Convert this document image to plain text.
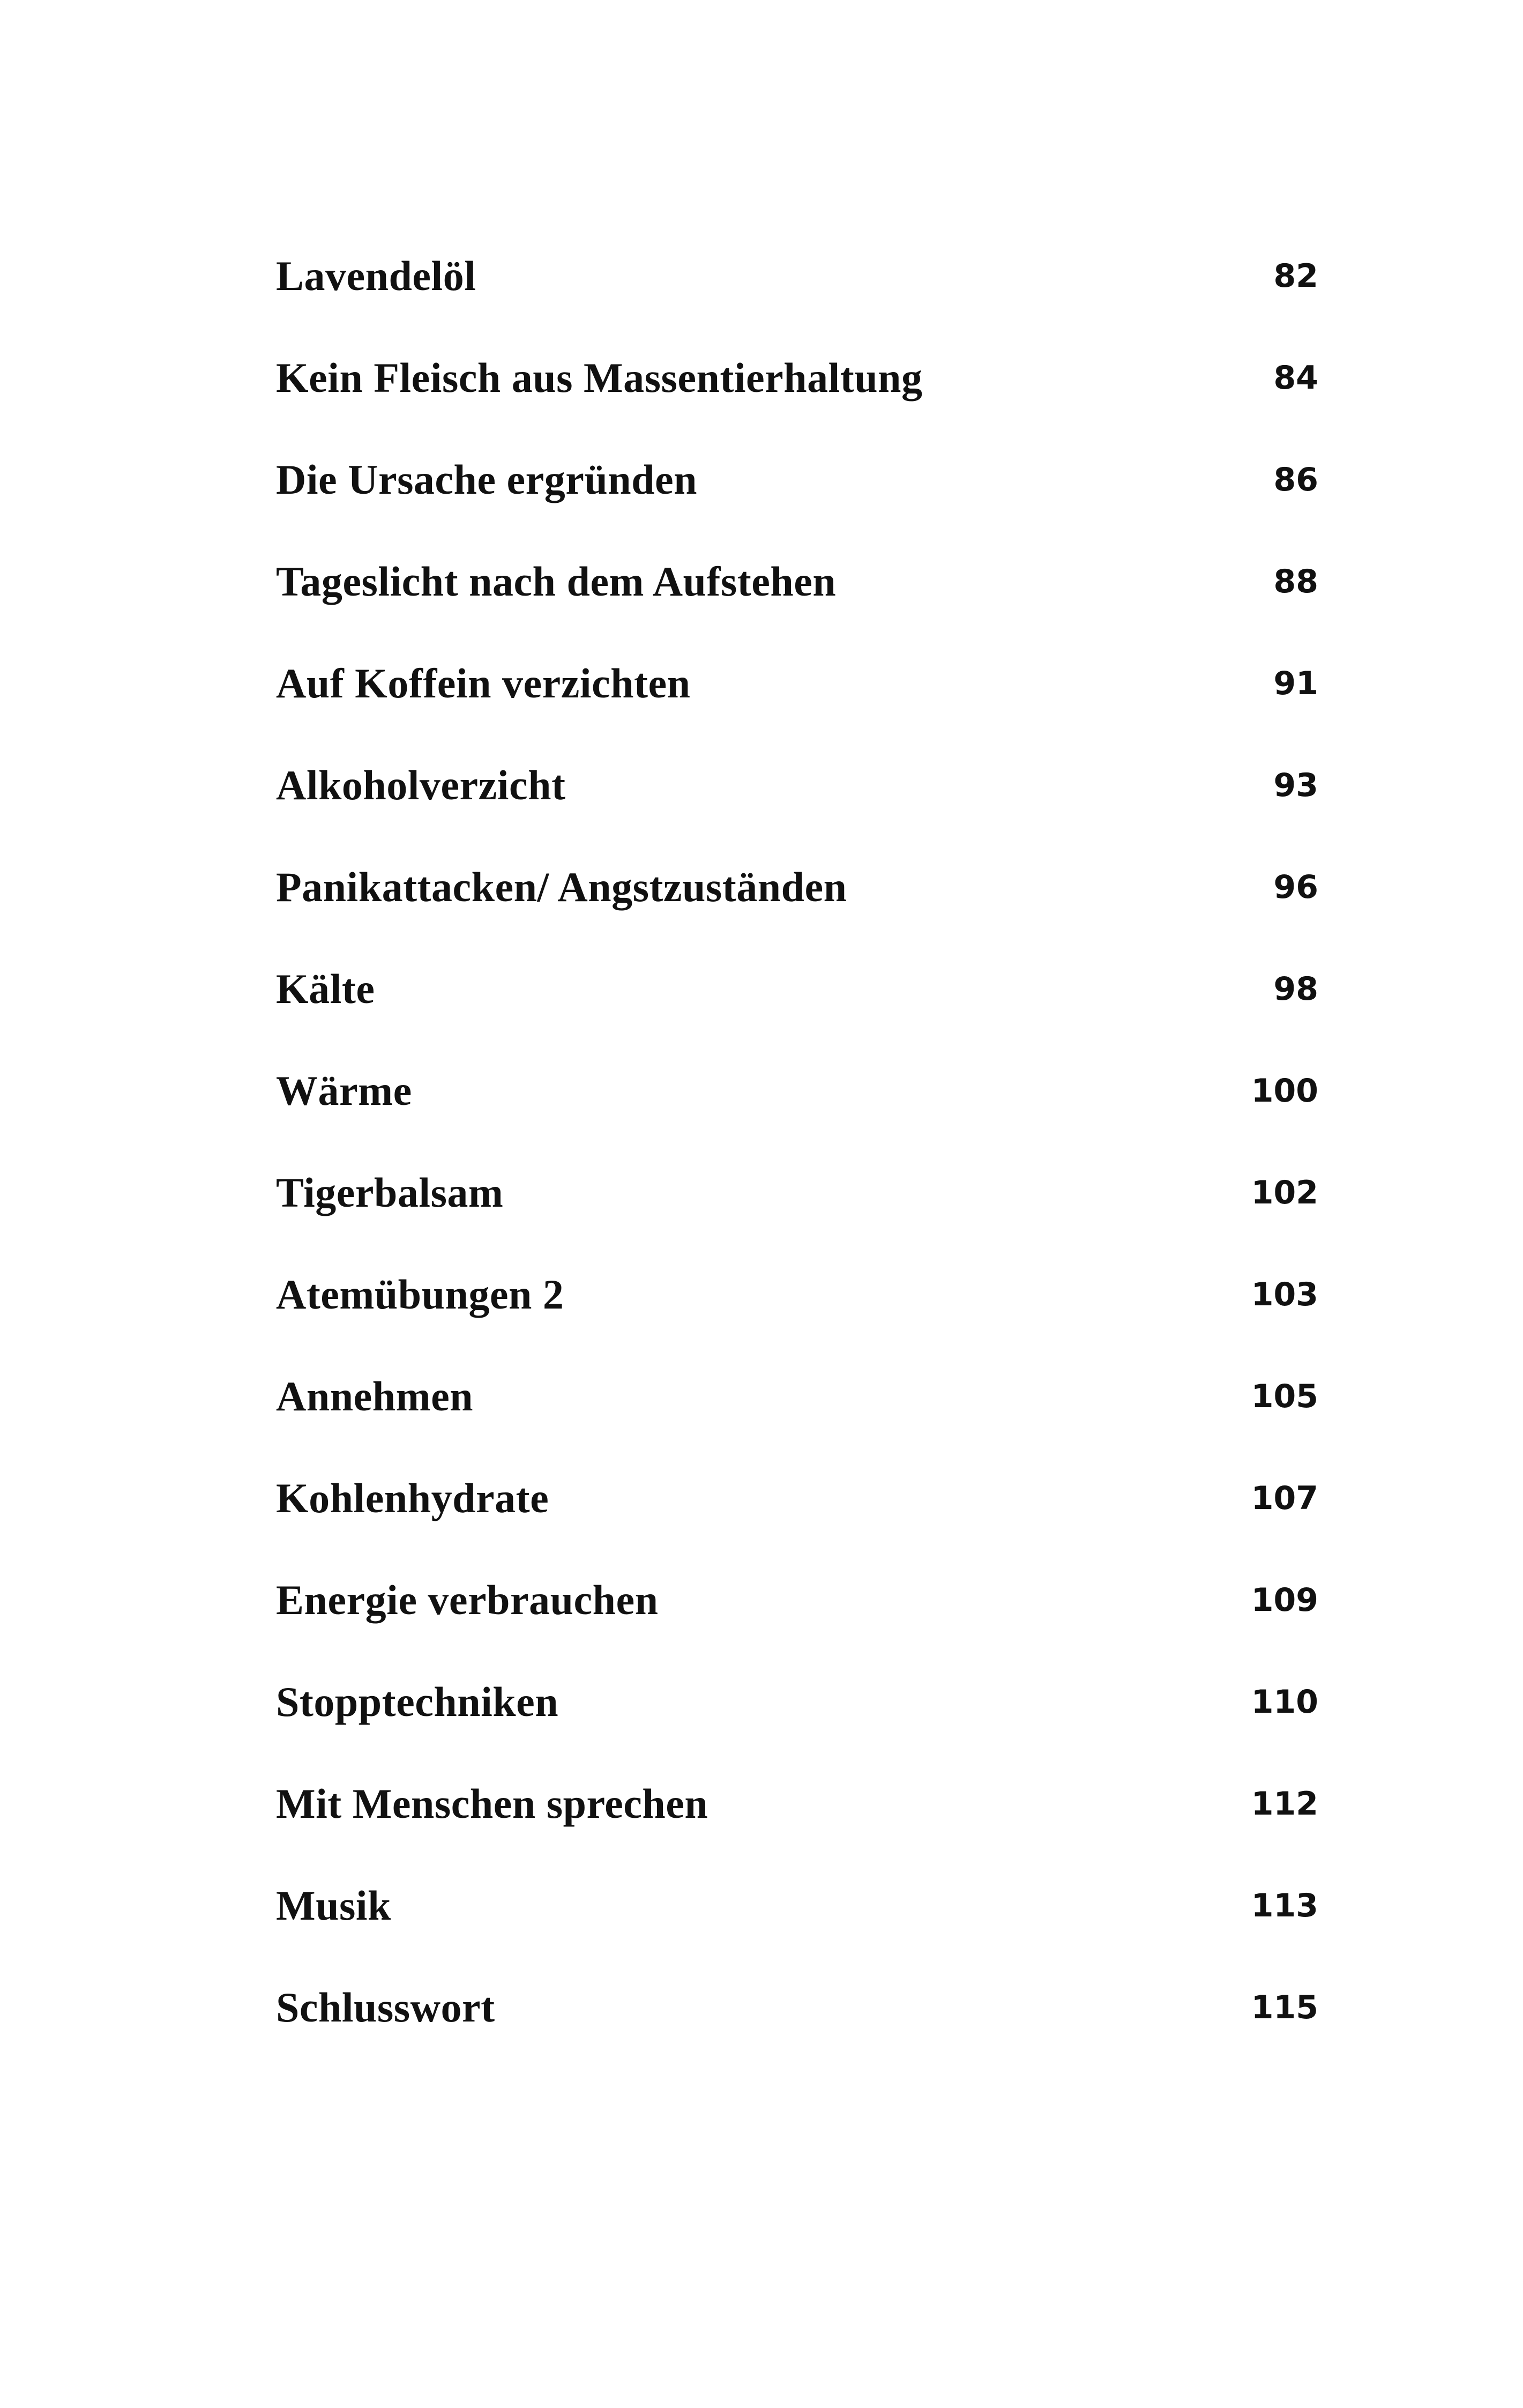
Lavendelöl	82
Kein Fleisch aus Massentierhaltung	84
Die Ursache ergründen	86
Tageslicht nach dem Aufstehen	88
Auf Koffein verzichten	91
Alkoholverzicht	93
Panikattacken/ Angstzuständen	96
Kälte	98
Wärme	100
Tigerbalsam	102
Atemübungen 2	103
Annehmen	105
Kohlenhydrate	107
Energie verbrauchen	109
Stopptechniken	110
Mit Menschen sprechen	112
Musik	113
Schlusswort	115
